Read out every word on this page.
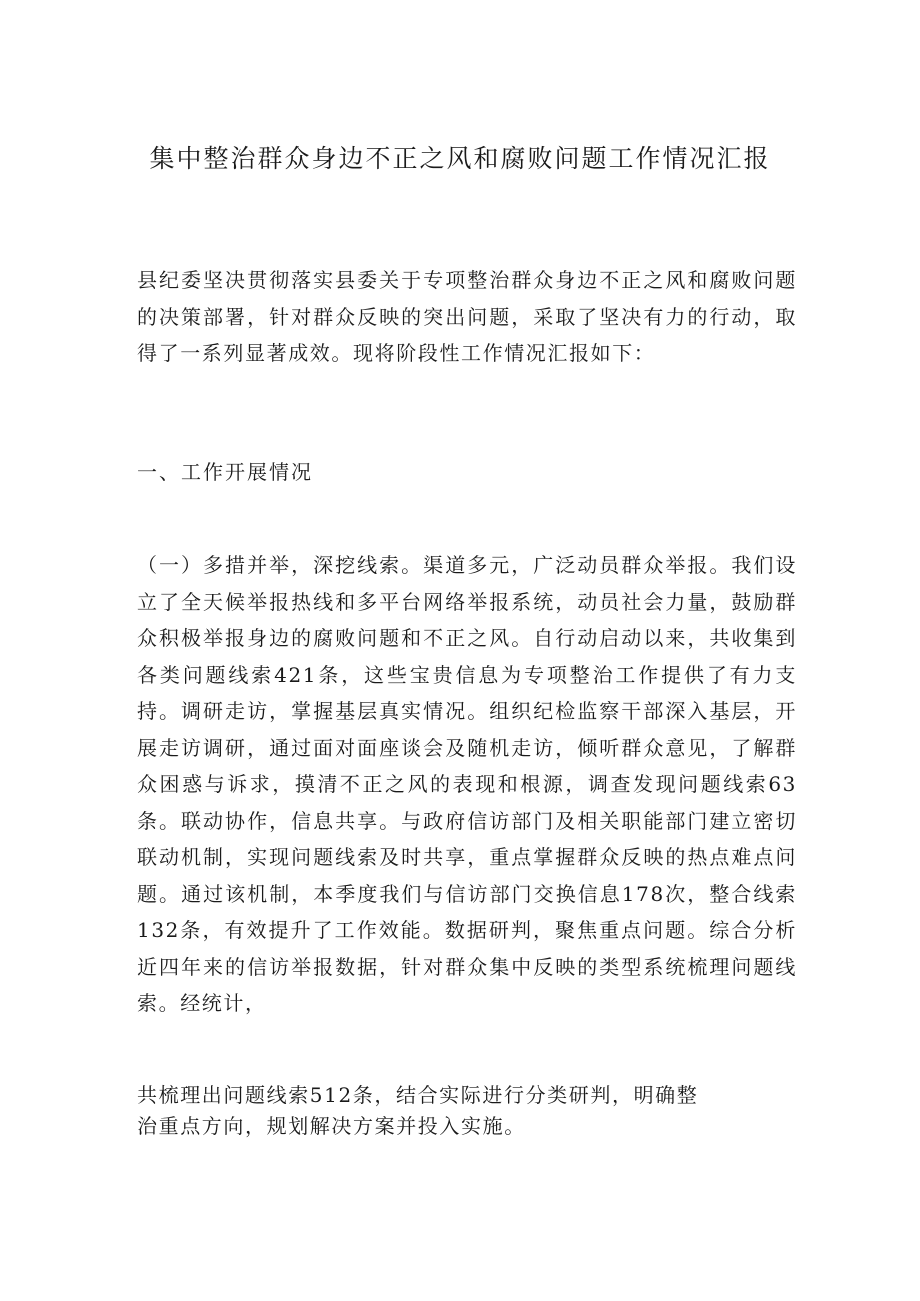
集中整治群众身边不正之风和腐败问题工作情况汇报

县纪委坚决贯彻落实县委关于专项整治群众身边不正之风和腐败问题的决策部署，针对群众反映的突出问题，采取了坚决有力的行动，取得了一系列显著成效。现将阶段性工作情况汇报如下：

一、工作开展情况

（一）多措并举，深挖线索。渠道多元，广泛动员群众举报。我们设立了全天候举报热线和多平台网络举报系统，动员社会力量，鼓励群众积极举报身边的腐败问题和不正之风。自行动启动以来，共收集到各类问题线索421条，这些宝贵信息为专项整治工作提供了有力支持。调研走访，掌握基层真实情况。组织纪检监察干部深入基层，开展走访调研，通过面对面座谈会及随机走访，倾听群众意见，了解群众困惑与诉求，摸清不正之风的表现和根源，调查发现问题线索63条。联动协作，信息共享。与政府信访部门及相关职能部门建立密切联动机制，实现问题线索及时共享，重点掌握群众反映的热点难点问题。通过该机制，本季度我们与信访部门交换信息178次，整合线索132条，有效提升了工作效能。数据研判，聚焦重点问题。综合分析近四年来的信访举报数据，针对群众集中反映的类型系统梳理问题线索。经统计，

共梳理出问题线索512条，结合实际进行分类研判，明确整
治重点方向，规划解决方案并投入实施。
